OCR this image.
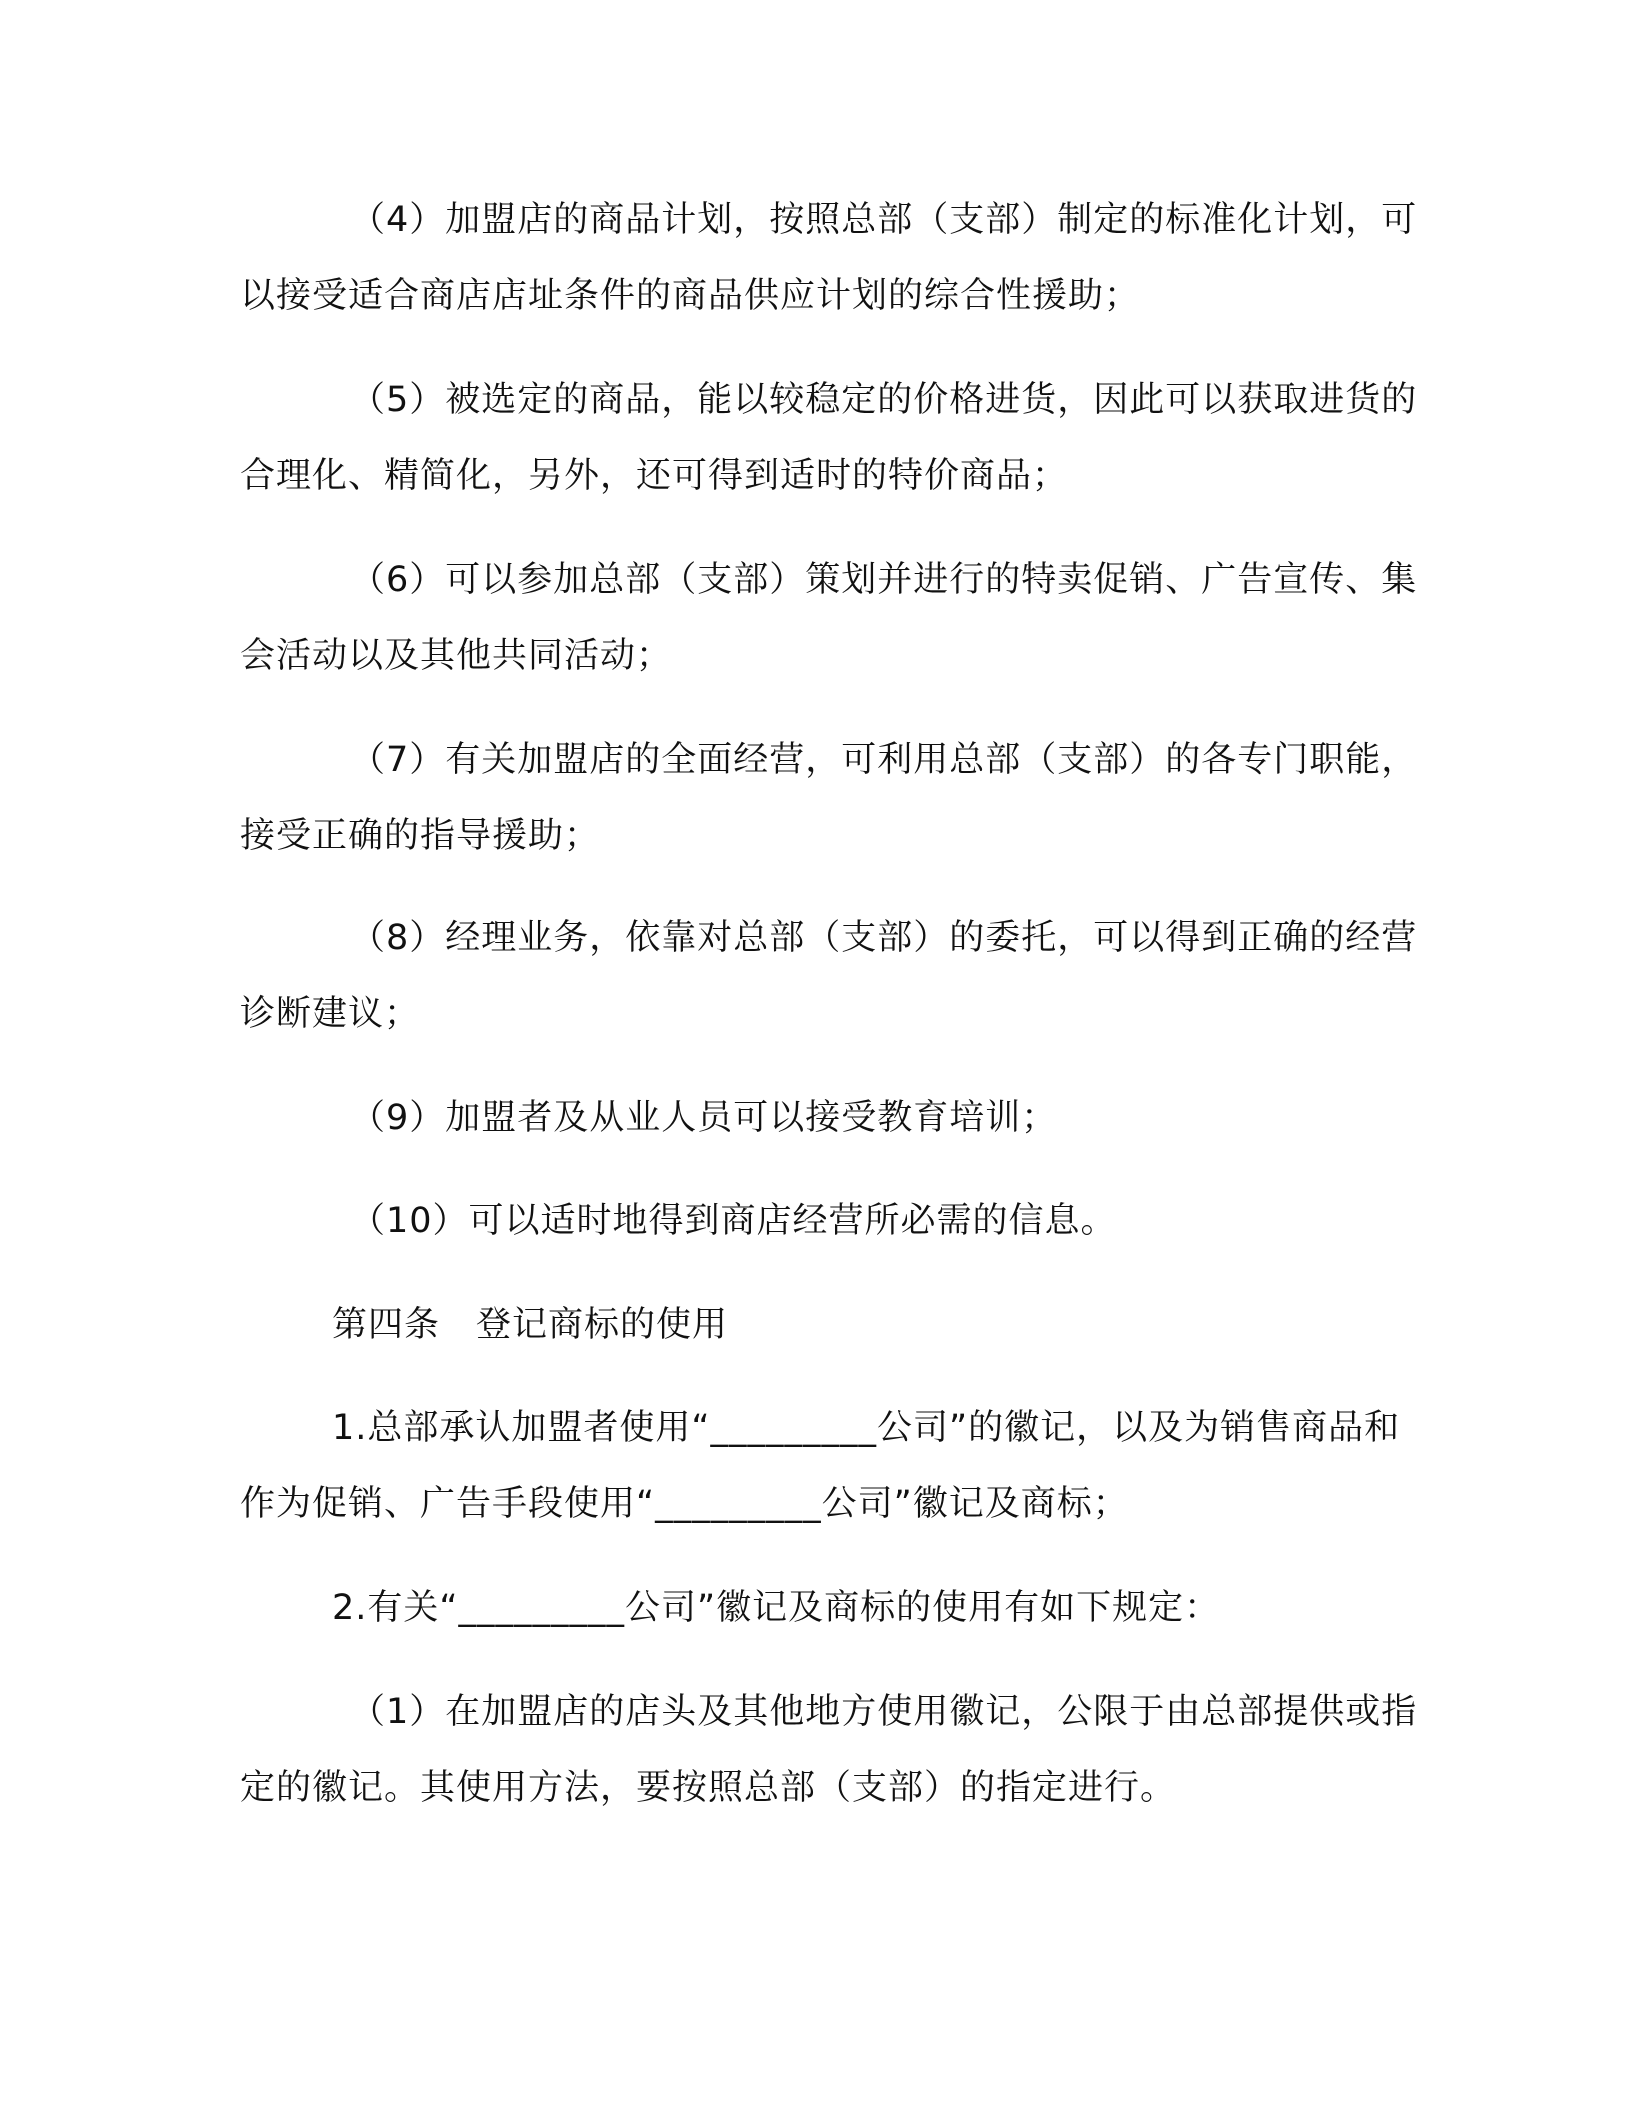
（4）加盟店的商品计划，按照总部（支部）制定的标准化计划，可以接受适合商店店址条件的商品供应计划的综合性援助；

（5）被选定的商品，能以较稳定的价格进货，因此可以获取进货的合理化、精简化，另外，还可得到适时的特价商品；

（6）可以参加总部（支部）策划并进行的特卖促销、广告宣传、集会活动以及其他共同活动；

（7）有关加盟店的全面经营，可利用总部（支部）的各专门职能，接受正确的指导援助；

（8）经理业务，依靠对总部（支部）的委托，可以得到正确的经营诊断建议；

（9）加盟者及从业人员可以接受教育培训；

（10）可以适时地得到商店经营所必需的信息。

第四条　登记商标的使用

1.总部承认加盟者使用“_________公司”的徽记，以及为销售商品和作为促销、广告手段使用“_________公司”徽记及商标；

2.有关“_________公司”徽记及商标的使用有如下规定：

（1）在加盟店的店头及其他地方使用徽记，公限于由总部提供或指定的徽记。其使用方法，要按照总部（支部）的指定进行。
